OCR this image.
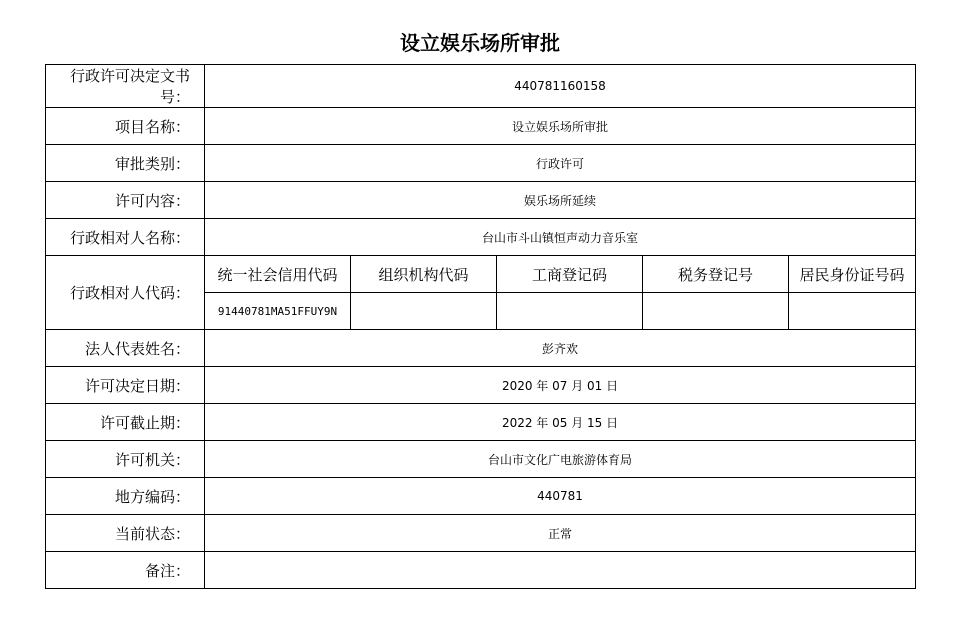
设立娱乐场所审批
行政许可决定文书号：	440781160158				
项目名称：	设立娱乐场所审批				
审批类别：	行政许可				
许可内容：	娱乐场所延续				
行政相对人名称：	台山市斗山镇恒声动力音乐室				
行政相对人代码：	统一社会信用代码	组织机构代码	工商登记码	税务登记号	居民身份证号码
	91440781MA51FFUY9N				
法人代表姓名：	彭齐欢				
许可决定日期：	2020 年 07 月 01 日				
许可截止期：	2022 年 05 月 15 日				
许可机关：	台山市文化广电旅游体育局				
地方编码：	440781				
当前状态：	正常				
备注：					
